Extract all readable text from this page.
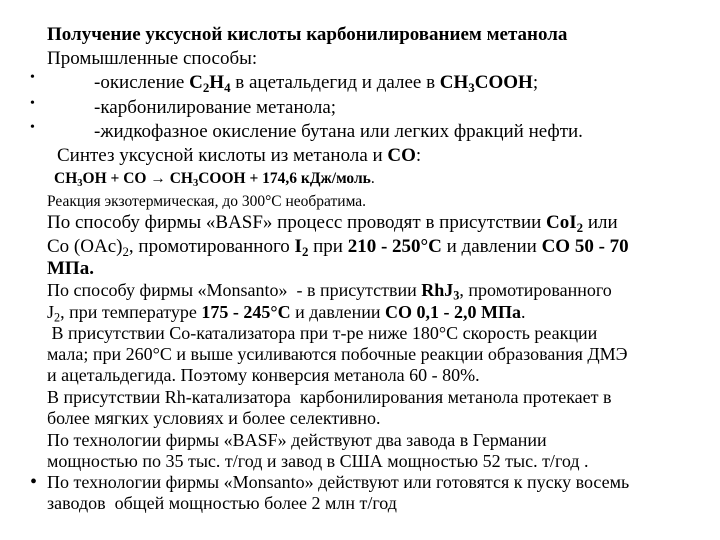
•
•
•
•
Получение уксусной кислоты карбонилированием метанола
Промышленные способы:
-окисление $С_2Н_4$ в ацетальдегид и далее в $СН_3СООН$;
-карбонилирование метанола;
-жидкофазное окисление бутана или легких фракций нефти.
Синтез уксусной кислоты из метанола и СО:
$СН_3ОН$ + СО → $СН_3СООН + 174,6$ кДж/моль.
Реакция экзотермическая, до 300°С необратима.
По способу фирмы «BASF» процесс проводят в присутствии CoI$_2$ или
Со $(OAc)_2$, промотированного $I_2$ при 210 - 250°С и давлении СО 50 - 70
МПа.
По способу фирмы «Monsanto»  - в присутствии RhJ$_3$, промотированного
$J_2$, при температуре 175 - 245°С и давлении СО 0,1 - 2,0 МПа.
В присутствии Со-катализатора при т-ре ниже 180°С скорость реакции
мала; при 260°С и выше усиливаются побочные реакции образования ДМЭ
и ацетальдегида. Поэтому конверсия метанола 60 - 80%.
В присутствии Rh-катализатора  карбонилирования метанола протекает в
более мягких условиях и более селективно.
По технологии фирмы «BASF» действуют два завода в Германии
мощностью по 35 тыс. т/год и завод в США мощностью 52 тыс. т/год .
По технологии фирмы «Monsanto» действуют или готовятся к пуску восемь
заводов  общей мощностью более 2 млн т/год
